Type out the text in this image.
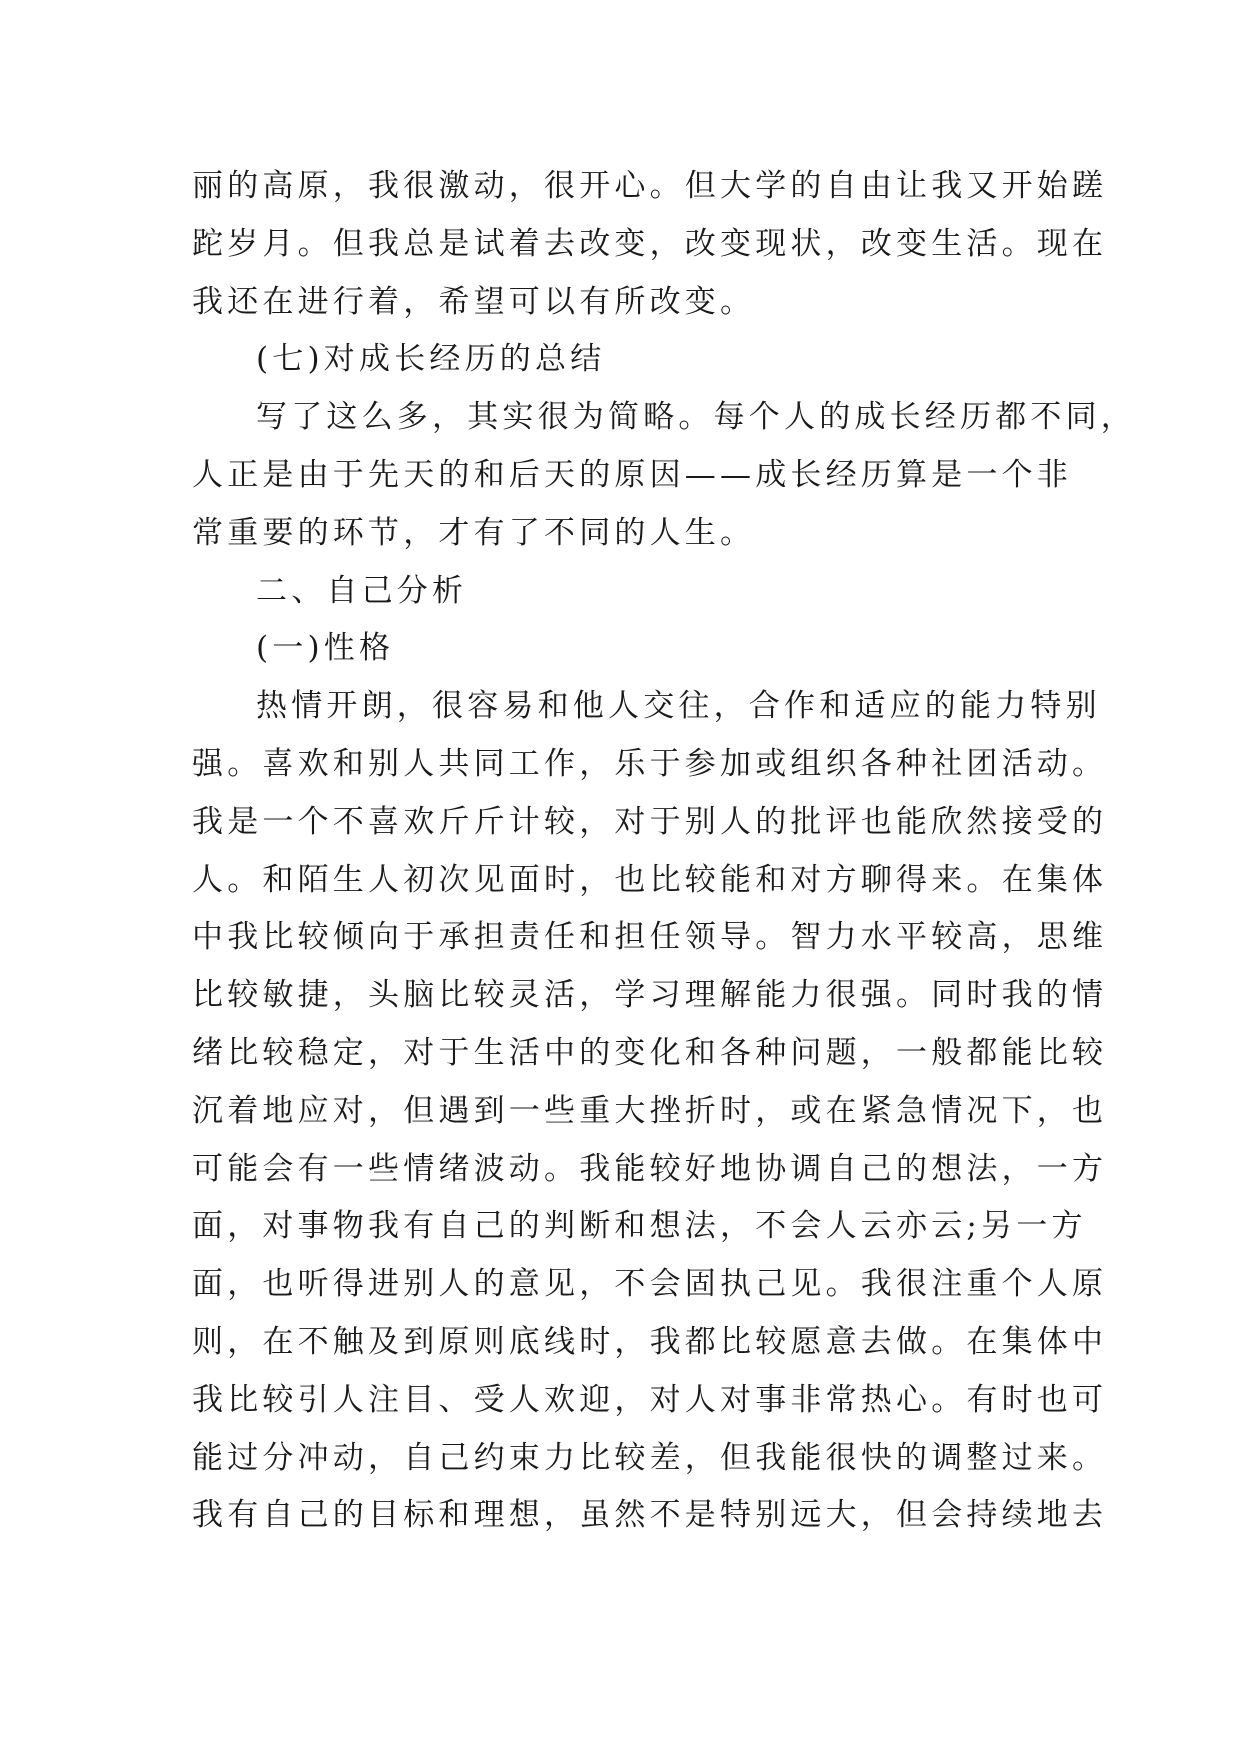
丽的高原，我很激动，很开心。但大学的自由让我又开始蹉
跎岁月。但我总是试着去改变，改变现状，改变生活。现在
我还在进行着，希望可以有所改变。
(七)对成长经历的总结
写了这么多，其实很为简略。每个人的成长经历都不同，
人正是由于先天的和后天的原因——成长经历算是一个非
常重要的环节，才有了不同的人生。
二、自己分析
(一)性格
热情开朗，很容易和他人交往，合作和适应的能力特别
强。喜欢和别人共同工作，乐于参加或组织各种社团活动。
我是一个不喜欢斤斤计较，对于别人的批评也能欣然接受的
人。和陌生人初次见面时，也比较能和对方聊得来。在集体
中我比较倾向于承担责任和担任领导。智力水平较高，思维
比较敏捷，头脑比较灵活，学习理解能力很强。同时我的情
绪比较稳定，对于生活中的变化和各种问题，一般都能比较
沉着地应对，但遇到一些重大挫折时，或在紧急情况下，也
可能会有一些情绪波动。我能较好地协调自己的想法，一方
面，对事物我有自己的判断和想法，不会人云亦云;另一方
面，也听得进别人的意见，不会固执己见。我很注重个人原
则，在不触及到原则底线时，我都比较愿意去做。在集体中
我比较引人注目、受人欢迎，对人对事非常热心。有时也可
能过分冲动，自己约束力比较差，但我能很快的调整过来。
我有自己的目标和理想，虽然不是特别远大，但会持续地去
